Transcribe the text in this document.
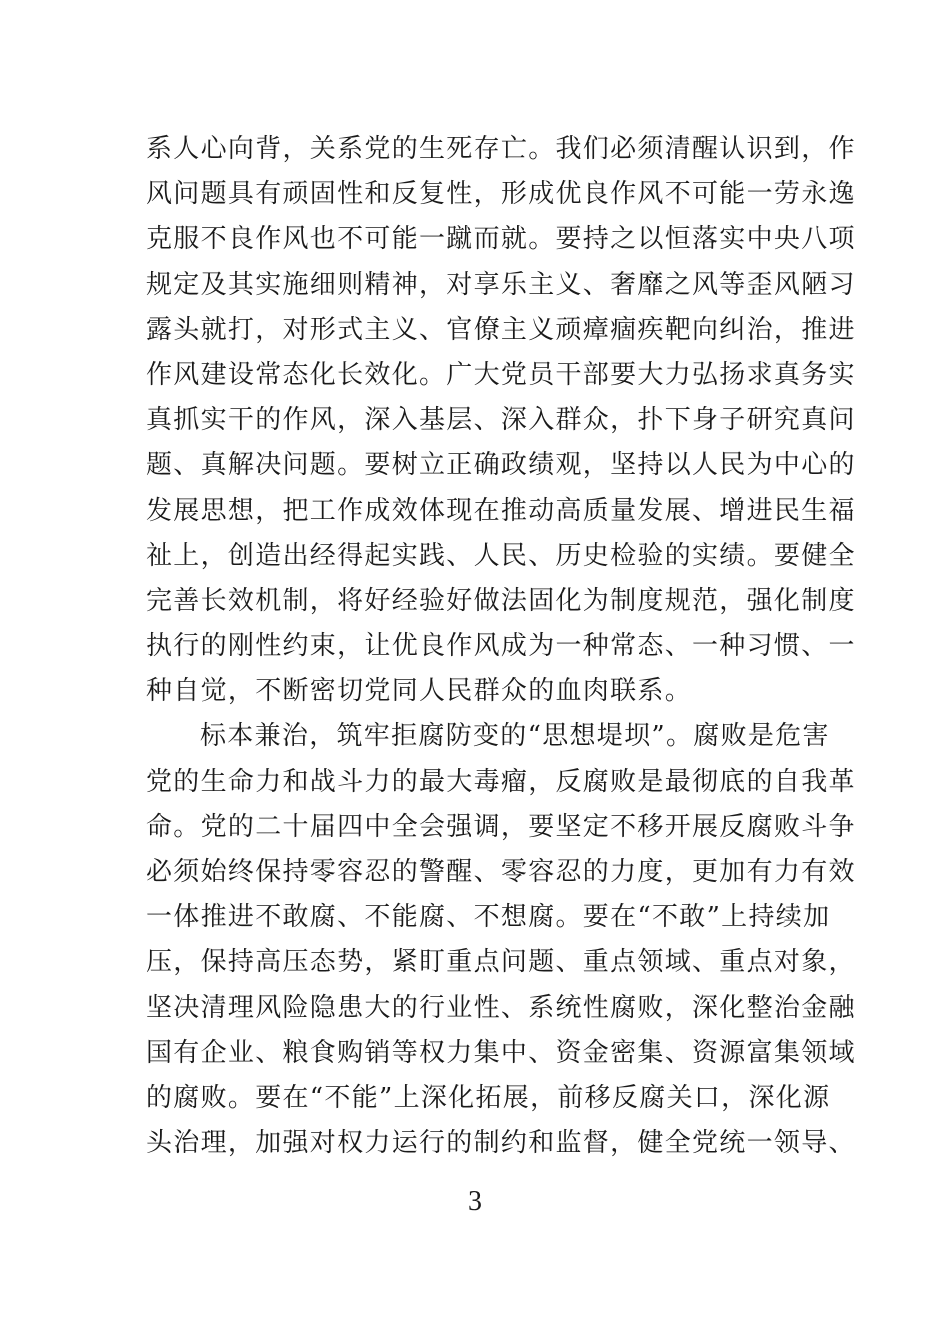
系人心向背，关系党的生死存亡。我们必须清醒认识到，作
风问题具有顽固性和反复性，形成优良作风不可能一劳永逸
克服不良作风也不可能一蹴而就。要持之以恒落实中央八项
规定及其实施细则精神，对享乐主义、奢靡之风等歪风陋习
露头就打，对形式主义、官僚主义顽瘴痼疾靶向纠治，推进
作风建设常态化长效化。广大党员干部要大力弘扬求真务实
真抓实干的作风，深入基层、深入群众，扑下身子研究真问
题、真解决问题。要树立正确政绩观，坚持以人民为中心的
发展思想，把工作成效体现在推动高质量发展、增进民生福
祉上，创造出经得起实践、人民、历史检验的实绩。要健全
完善长效机制，将好经验好做法固化为制度规范，强化制度
执行的刚性约束，让优良作风成为一种常态、一种习惯、一
种自觉，不断密切党同人民群众的血肉联系。
标本兼治，筑牢拒腐防变的“思想堤坝”。腐败是危害
党的生命力和战斗力的最大毒瘤，反腐败是最彻底的自我革
命。党的二十届四中全会强调，要坚定不移开展反腐败斗争
必须始终保持零容忍的警醒、零容忍的力度，更加有力有效
一体推进不敢腐、不能腐、不想腐。要在“不敢”上持续加
压，保持高压态势，紧盯重点问题、重点领域、重点对象，
坚决清理风险隐患大的行业性、系统性腐败，深化整治金融
国有企业、粮食购销等权力集中、资金密集、资源富集领域
的腐败。要在“不能”上深化拓展，前移反腐关口，深化源
头治理，加强对权力运行的制约和监督，健全党统一领导、
3
